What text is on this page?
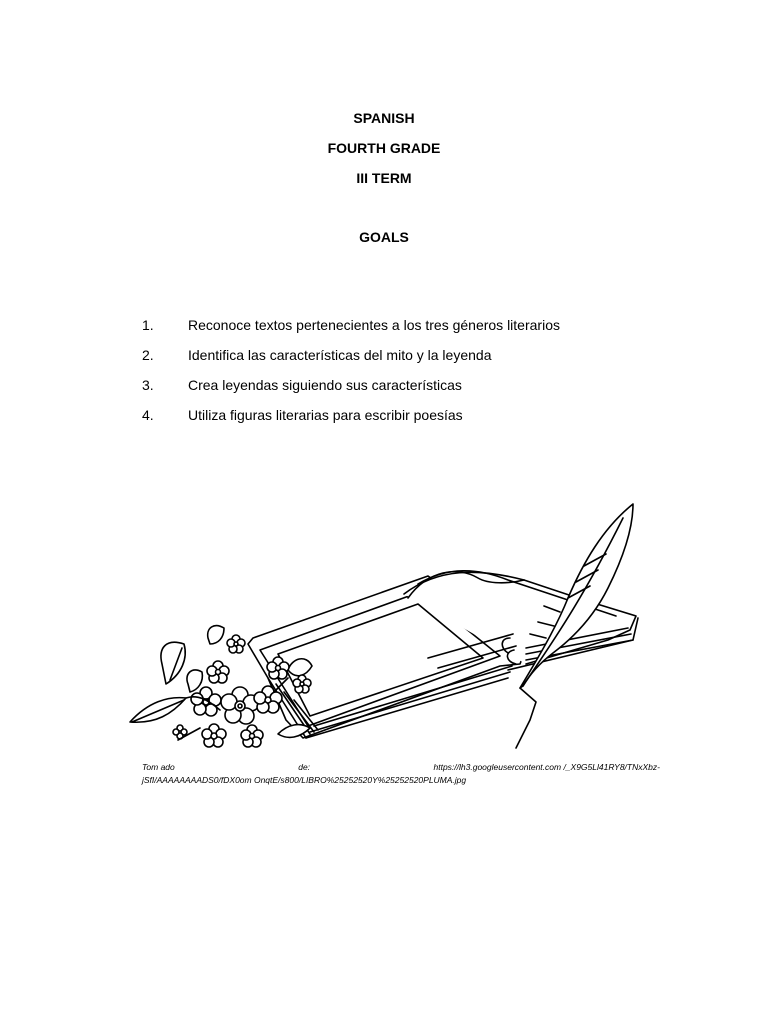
SPANISH
FOURTH GRADE
III TERM
GOALS
1.	Reconoce textos pertenecientes a los tres géneros literarios
2.	Identifica las características del mito y la leyenda
3.	Crea leyendas siguiendo sus características
4.	Utiliza figuras literarias para escribir poesías
Tom ado	de:	https://lh3.googleusercontent.com /_X9G5Ll41RY8/TNxXbz-
jSfI/AAAAAAAADS0/fDX0om OnqtE/s800/LIBRO%25252520Y%25252520PLUMA.jpg
